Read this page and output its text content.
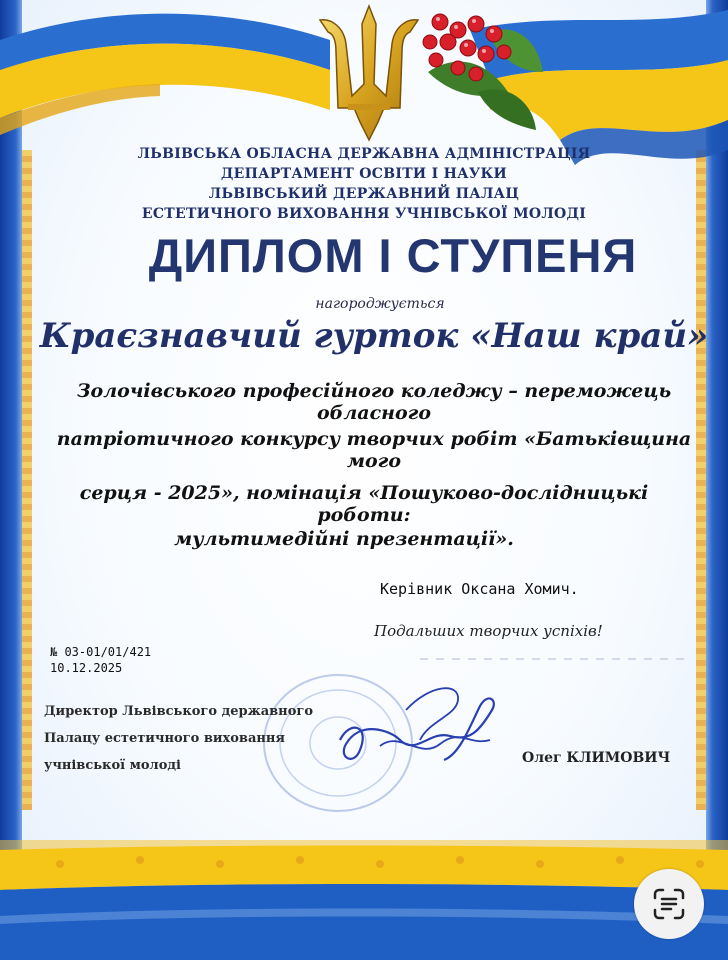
ЛЬВІВСЬКА ОБЛАСНА ДЕРЖАВНА АДМІНІСТРАЦІЯ
ДЕПАРТАМЕНТ ОСВІТИ І НАУКИ
ЛЬВІВСЬКИЙ ДЕРЖАВНИЙ ПАЛАЦ
ЕСТЕТИЧНОГО ВИХОВАННЯ УЧНІВСЬКОЇ МОЛОДІ
ДИПЛОМ І СТУПЕНЯ
нагороджується
Краєзнавчий гурток «Наш край»
Золочівського професійного коледжу – переможець обласного
патріотичного конкурсу творчих робіт «Батьківщина мого
серця - 2025», номінація «Пошуково-дослідницькі роботи:
мультимедійні презентації».
Керівник Оксана Хомич.
Подальших творчих успіхів!
№ 03-01/01/421
10.12.2025
Директор Львівського державного
Палацу естетичного виховання
учнівської молоді	Олег КЛИМОВИЧ
